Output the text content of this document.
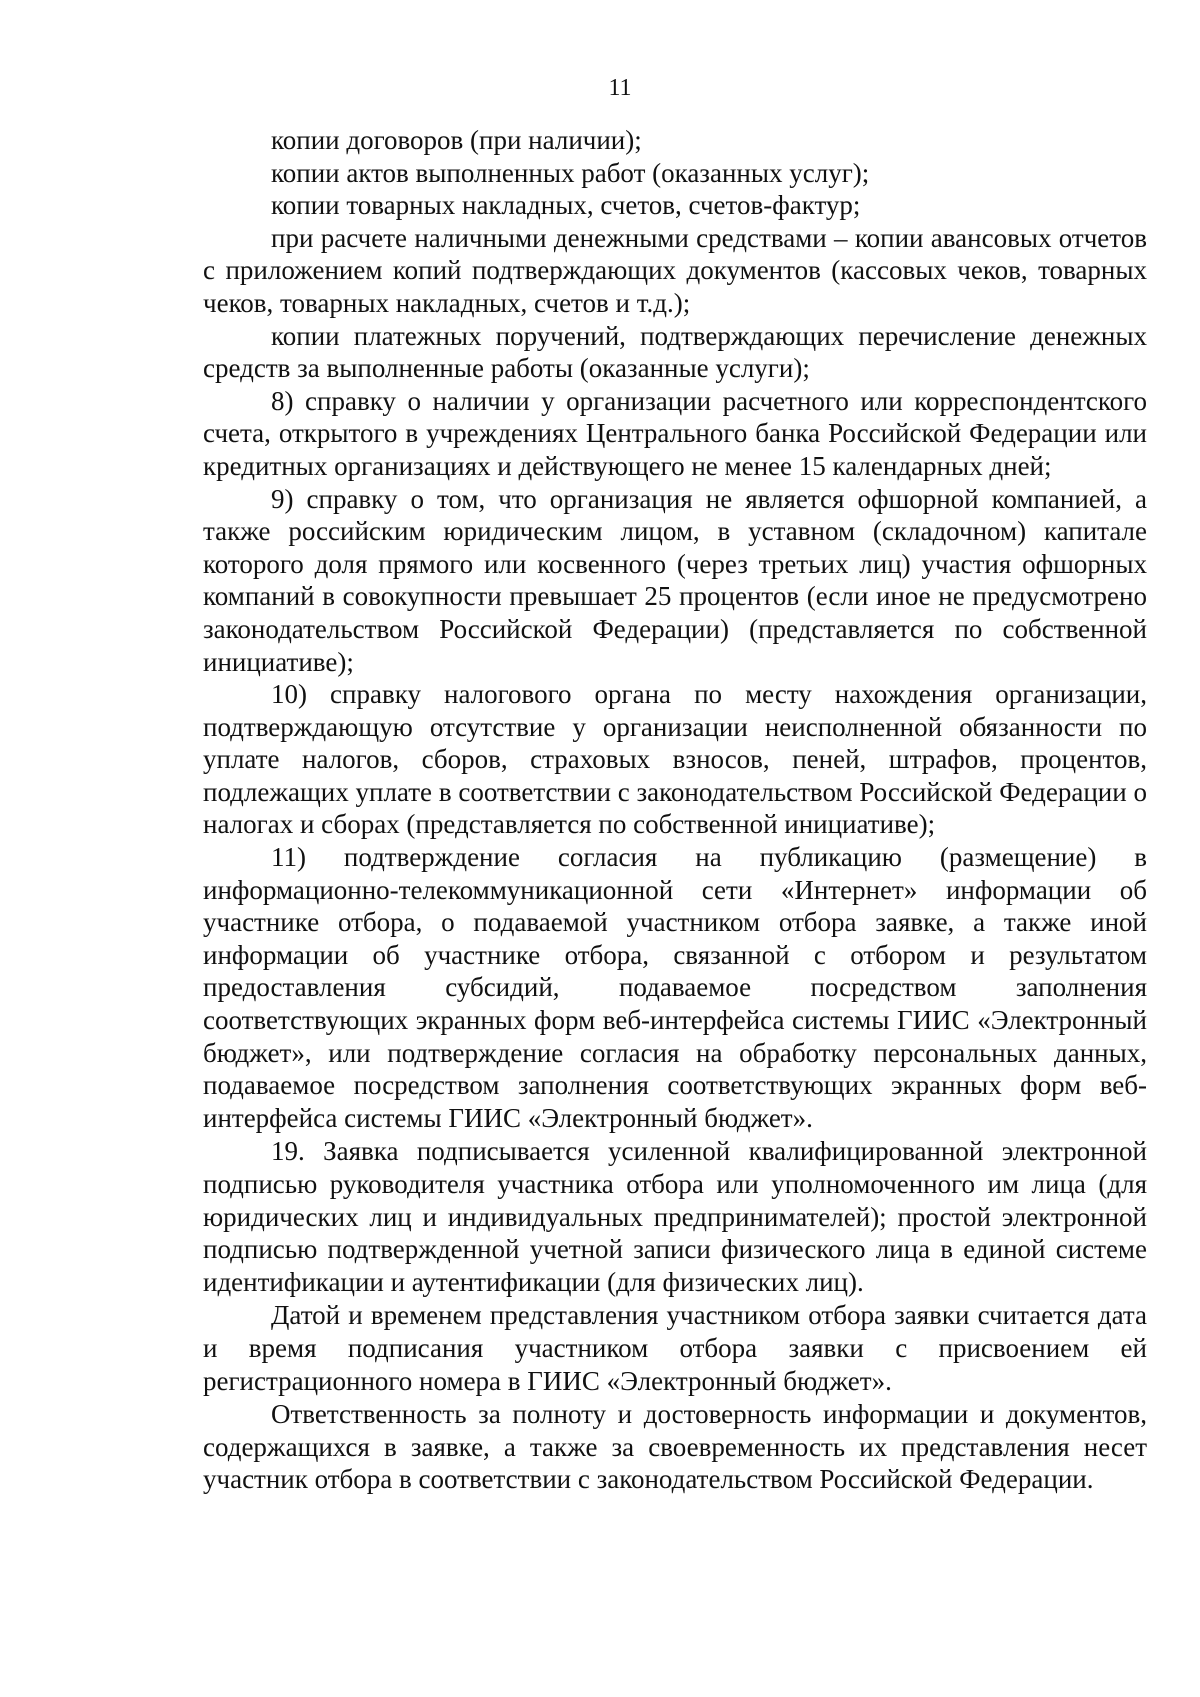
11

копии договоров (при наличии);

копии актов выполненных работ (оказанных услуг);

копии товарных накладных, счетов, счетов-фактур;

при расчете наличными денежными средствами – копии авансовых отчетов с приложением копий подтверждающих документов (кассовых чеков, товарных чеков, товарных накладных, счетов и т.д.);

копии платежных поручений, подтверждающих перечисление денежных средств за выполненные работы (оказанные услуги);

8) справку о наличии у организации расчетного или корреспондентского счета, открытого в учреждениях Центрального банка Российской Федерации или кредитных организациях и действующего не менее 15 календарных дней;

9) справку о том, что организация не является офшорной компанией, а также российским юридическим лицом, в уставном (складочном) капитале которого доля прямого или косвенного (через третьих лиц) участия офшорных компаний в совокупности превышает 25 процентов (если иное не предусмотрено законодательством Российской Федерации) (представляется по собственной инициативе);

10) справку налогового органа по месту нахождения организации, подтверждающую отсутствие у организации неисполненной обязанности по уплате налогов, сборов, страховых взносов, пеней, штрафов, процентов, подлежащих уплате в соответствии с законодательством Российской Федерации о налогах и сборах (представляется по собственной инициативе);

11) подтверждение согласия на публикацию (размещение) в информационно-телекоммуникационной сети «Интернет» информации об участнике отбора, о подаваемой участником отбора заявке, а также иной информации об участнике отбора, связанной с отбором и результатом предоставления субсидий, подаваемое посредством заполнения соответствующих экранных форм веб-интерфейса системы ГИИС «Электронный бюджет», или подтверждение согласия на обработку персональных данных, подаваемое посредством заполнения соответствующих экранных форм веб-интерфейса системы ГИИС «Электронный бюджет».

19. Заявка подписывается усиленной квалифицированной электронной подписью руководителя участника отбора или уполномоченного им лица (для юридических лиц и индивидуальных предпринимателей); простой электронной подписью подтвержденной учетной записи физического лица в единой системе идентификации и аутентификации (для физических лиц).

Датой и временем представления участником отбора заявки считается дата и время подписания участником отбора заявки с присвоением ей регистрационного номера в ГИИС «Электронный бюджет».

Ответственность за полноту и достоверность информации и документов, содержащихся в заявке, а также за своевременность их представления несет участник отбора в соответствии с законодательством Российской Федерации.
